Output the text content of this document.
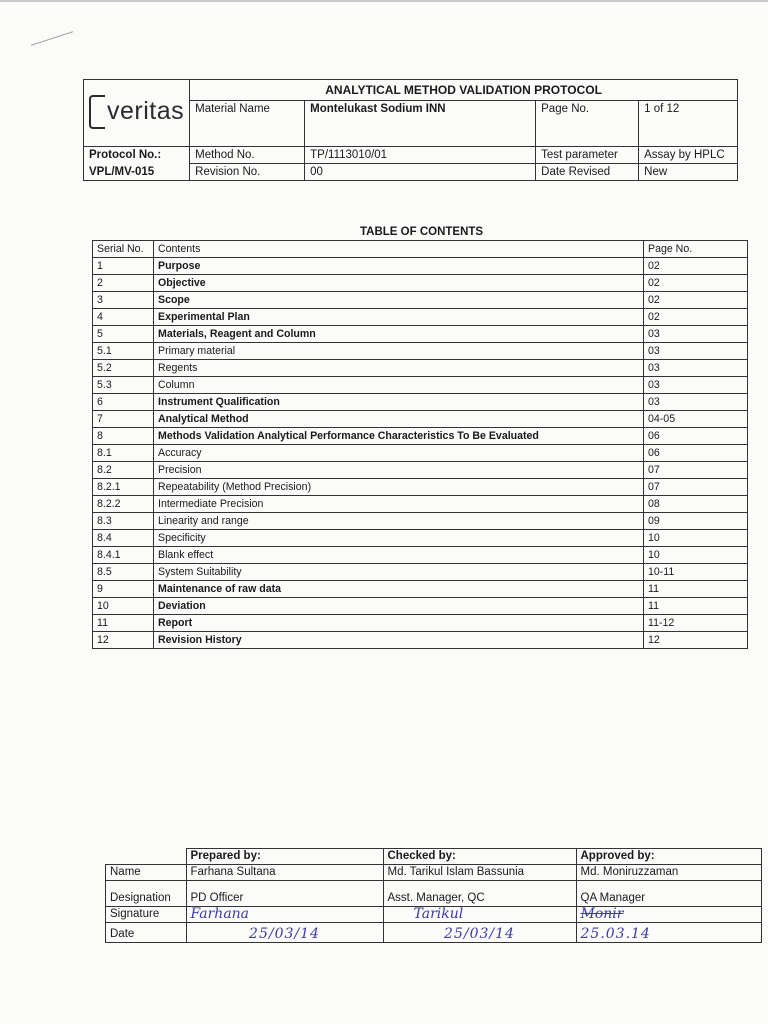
veritas	ANALYTICAL METHOD VALIDATION PROTOCOL			
	Material Name	Montelukast Sodium INN	Page No.	1 of 12
Protocol No.:	Method No.	TP/1113010/01	Test parameter	Assay by HPLC
VPL/MV-015	Revision No.	00	Date Revised	New
TABLE OF CONTENTS
Serial No.	Contents	Page No.
1	Purpose	02
2	Objective	02
3	Scope	02
4	Experimental Plan	02
5	Materials, Reagent and Column	03
5.1	Primary material	03
5.2	Regents	03
5.3	Column	03
6	Instrument Qualification	03
7	Analytical Method	04-05
8	Methods Validation Analytical Performance Characteristics To Be Evaluated	06
8.1	Accuracy	06
8.2	Precision	07
8.2.1	Repeatability (Method Precision)	07
8.2.2	Intermediate Precision	08
8.3	Linearity and range	09
8.4	Specificity	10
8.4.1	Blank effect	10
8.5	System Suitability	10-11
9	Maintenance of raw data	11
10	Deviation	11
11	Report	11-12
12	Revision History	12
	Prepared by:	Checked by:	Approved by:
Name	Farhana Sultana	Md. Tarikul Islam Bassunia	Md. Moniruzzaman
Designation	PD Officer	Asst. Manager, QC	QA Manager
Signature	Farhana	Tarikul	Monir
Date	25/03/14	25/03/14	25.03.14
